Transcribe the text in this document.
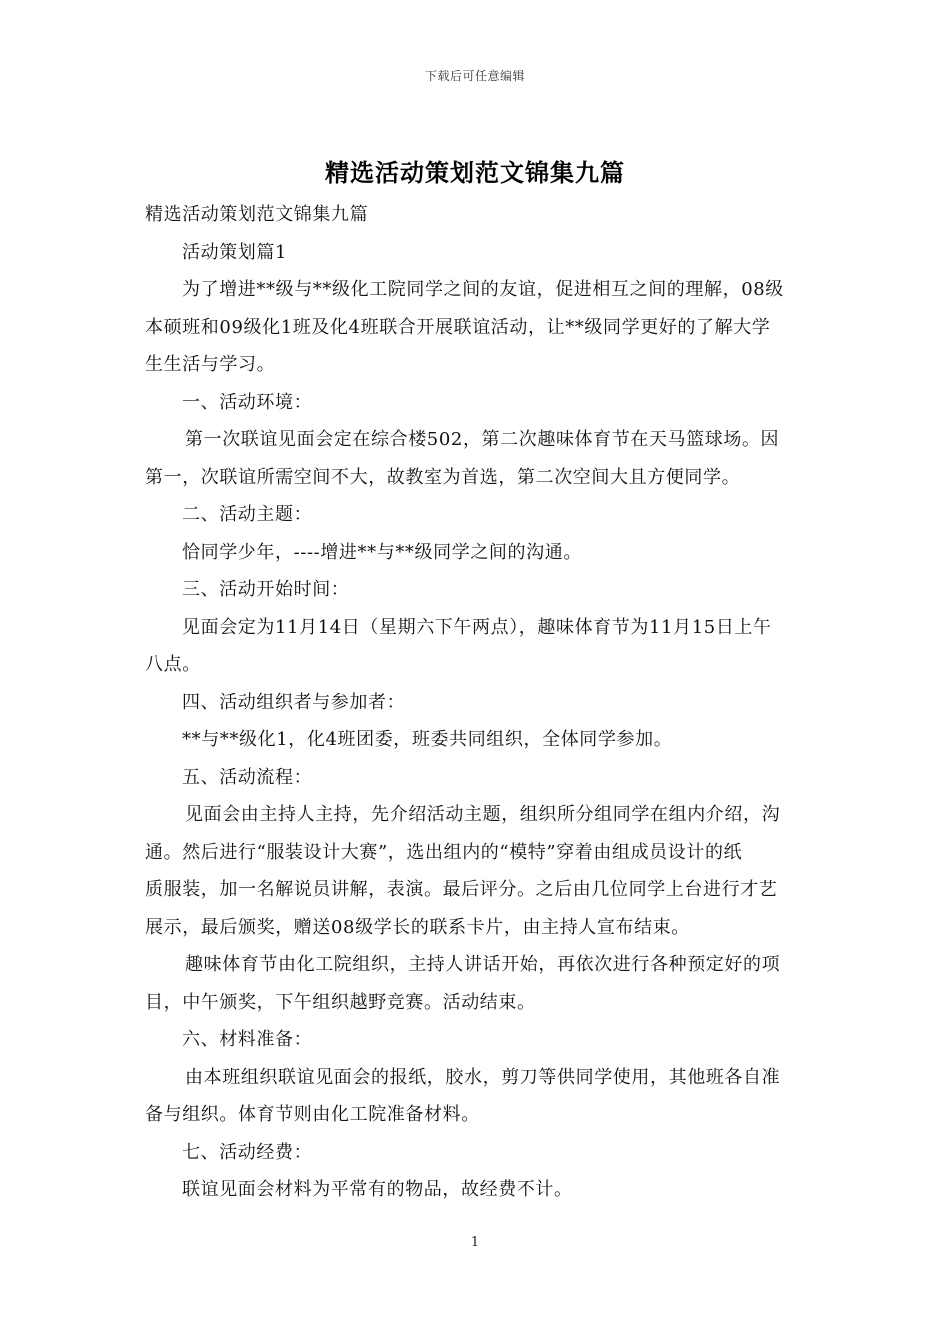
下载后可任意编辑
精选活动策划范文锦集九篇
精选活动策划范文锦集九篇
活动策划篇1
为了增进**级与**级化工院同学之间的友谊，促进相互之间的理解，08级
本硕班和09级化1班及化4班联合开展联谊活动，让**级同学更好的了解大学
生生活与学习。
一、活动环境：
第一次联谊见面会定在综合楼502，第二次趣味体育节在天马篮球场。因
第一，次联谊所需空间不大，故教室为首选，第二次空间大且方便同学。
二、活动主题：
恰同学少年，----增进**与**级同学之间的沟通。
三、活动开始时间：
见面会定为11月14日（星期六下午两点），趣味体育节为11月15日上午
八点。
四、活动组织者与参加者：
**与**级化1，化4班团委，班委共同组织，全体同学参加。
五、活动流程：
见面会由主持人主持，先介绍活动主题，组织所分组同学在组内介绍，沟
通。然后进行“服装设计大赛”，选出组内的“模特”穿着由组成员设计的纸
质服装，加一名解说员讲解，表演。最后评分。之后由几位同学上台进行才艺
展示，最后颁奖，赠送08级学长的联系卡片，由主持人宣布结束。
趣味体育节由化工院组织，主持人讲话开始，再依次进行各种预定好的项
目，中午颁奖，下午组织越野竞赛。活动结束。
六、材料准备：
由本班组织联谊见面会的报纸，胶水，剪刀等供同学使用，其他班各自准
备与组织。体育节则由化工院准备材料。
七、活动经费：
联谊见面会材料为平常有的物品，故经费不计。
1
